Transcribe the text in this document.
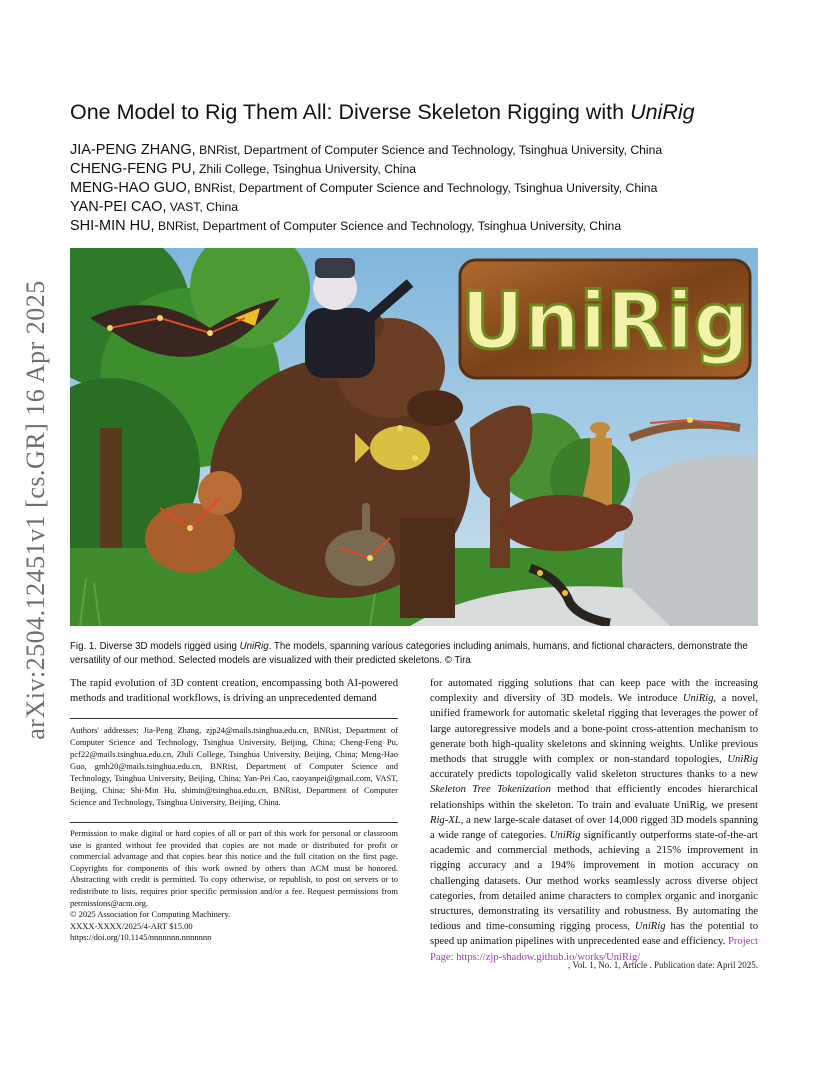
arXiv:2504.12451v1 [cs.GR] 16 Apr 2025
One Model to Rig Them All: Diverse Skeleton Rigging with UniRig
JIA-PENG ZHANG, BNRist, Department of Computer Science and Technology, Tsinghua University, China
CHENG-FENG PU, Zhili College, Tsinghua University, China
MENG-HAO GUO, BNRist, Department of Computer Science and Technology, Tsinghua University, China
YAN-PEI CAO, VAST, China
SHI-MIN HU, BNRist, Department of Computer Science and Technology, Tsinghua University, China
UniRig
Fig. 1. Diverse 3D models rigged using UniRig. The models, spanning various categories including animals, humans, and fictional characters, demonstrate the versatility of our method. Selected models are visualized with their predicted skeletons. © Tira
The rapid evolution of 3D content creation, encompassing both AI-powered methods and traditional workflows, is driving an unprecedented demand

Authors' addresses: Jia-Peng Zhang, zjp24@mails.tsinghua.edu.cn, BNRist, Department of Computer Science and Technology, Tsinghua University, Beijing, China; Cheng-Feng Pu, pcf22@mails.tsinghua.edu.cn, Zhili College, Tsinghua University, Beijing, China; Meng-Hao Guo, gmh20@mails.tsinghua.edu.cn, BNRist, Department of Computer Science and Technology, Tsinghua University, Beijing, China; Yan-Pei Cao, caoyanpei@gmail.com, VAST, Beijing, China; Shi-Min Hu, shimin@tsinghua.edu.cn, BNRist, Department of Computer Science and Technology, Tsinghua University, Beijing, China.

Permission to make digital or hard copies of all or part of this work for personal or classroom use is granted without fee provided that copies are not made or distributed for profit or commercial advantage and that copies bear this notice and the full citation on the first page. Copyrights for components of this work owned by others than ACM must be honored. Abstracting with credit is permitted. To copy otherwise, or republish, to post on servers or to redistribute to lists, requires prior specific permission and/or a fee. Request permissions from permissions@acm.org.

© 2025 Association for Computing Machinery.
XXXX-XXXX/2025/4-ART $15.00
https://doi.org/10.1145/nnnnnnn.nnnnnnn
for automated rigging solutions that can keep pace with the increasing complexity and diversity of 3D models. We introduce UniRig, a novel, unified framework for automatic skeletal rigging that leverages the power of large autoregressive models and a bone-point cross-attention mechanism to generate both high-quality skeletons and skinning weights. Unlike previous methods that struggle with complex or non-standard topologies, UniRig accurately predicts topologically valid skeleton structures thanks to a new Skeleton Tree Tokenization method that efficiently encodes hierarchical relationships within the skeleton. To train and evaluate UniRig, we present Rig-XL, a new large-scale dataset of over 14,000 rigged 3D models spanning a wide range of categories. UniRig significantly outperforms state-of-the-art academic and commercial methods, achieving a 215% improvement in rigging accuracy and a 194% improvement in motion accuracy on challenging datasets. Our method works seamlessly across diverse object categories, from detailed anime characters to complex organic and inorganic structures, demonstrating its versatility and robustness. By automating the tedious and time-consuming rigging process, UniRig has the potential to speed up animation pipelines with unprecedented ease and efficiency. Project Page: https://zjp-shadow.github.io/works/UniRig/
, Vol. 1, No. 1, Article . Publication date: April 2025.
